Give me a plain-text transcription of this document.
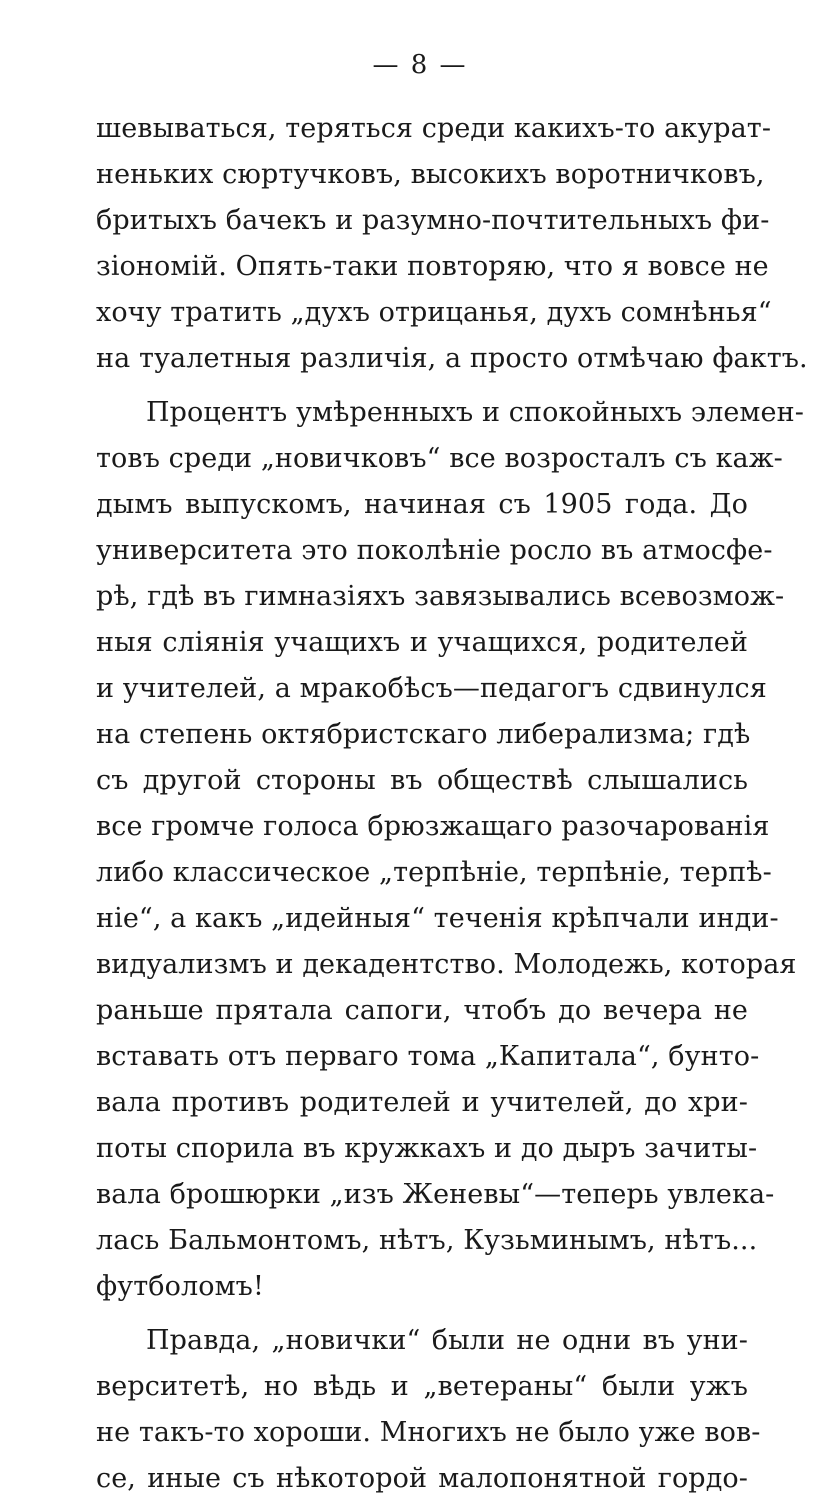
— 8 —
шевываться, теряться среди какихъ-то акурат-
неньких сюртучковъ, высокихъ воротничковъ,
бритыхъ бачекъ и разумно-почтительныхъ фи-
зіономій. Опять-таки повторяю, что я вовсе не
хочу тратить „духъ отрицанья, духъ сомнѣнья“
на туалетныя различія, а просто отмѣчаю фактъ.
Процентъ умѣренныхъ и спокойныхъ элемен-
товъ среди „новичковъ“ все возросталъ съ каж-
дымъ выпускомъ, начиная съ 1905 года. До
университета это поколѣніе росло въ атмосфе-
рѣ, гдѣ въ гимназіяхъ завязывались всевозмож-
ныя сліянія учащихъ и учащихся, родителей
и учителей, а мракобѣсъ—педагогъ сдвинулся
на степень октябристскаго либерализма; гдѣ
съ другой стороны въ обществѣ слышались
все громче голоса брюзжащаго разочарованія
либо классическое „терпѣніе, терпѣніе, терпѣ-
ніе“, а какъ „идейныя“ теченія крѣпчали инди-
видуализмъ и декадентство. Молодежь, которая
раньше прятала сапоги, чтобъ до вечера не
вставать отъ перваго тома „Капитала“, бунто-
вала противъ родителей и учителей, до хри-
поты спорила въ кружкахъ и до дыръ зачиты-
вала брошюрки „изъ Женевы“—теперь увлека-
лась Бальмонтомъ, нѣтъ, Кузьминымъ, нѣтъ...
футболомъ!
Правда, „новички“ были не одни въ уни-
верситетѣ, но вѣдь и „ветераны“ были ужъ
не такъ-то хороши. Многихъ не было уже вов-
се, иные съ нѣкоторой малопонятной гордо-
